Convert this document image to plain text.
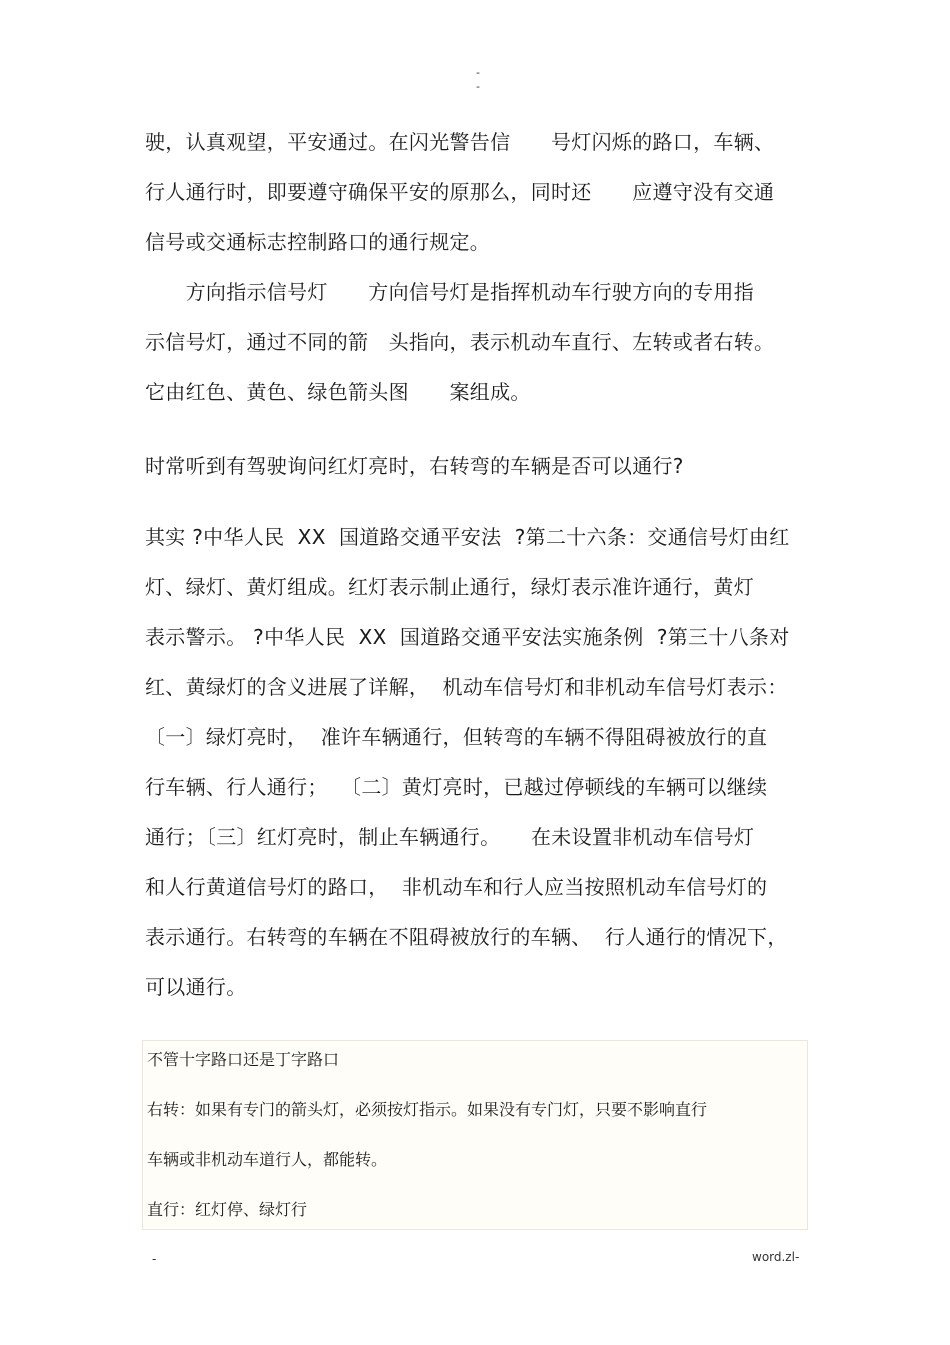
-
-
驶，认真观望，平安通过。在闪光警告信　　号灯闪烁的路口，车辆、
行人通行时，即要遵守确保平安的原那么，同时还　　应遵守没有交通
信号或交通标志控制路口的通行规定。
　　方向指示信号灯　　方向信号灯是指挥机动车行驶方向的专用指
示信号灯，通过不同的箭　头指向，表示机动车直行、左转或者右转。
它由红色、黄色、绿色箭头图　　案组成。
时常听到有驾驶询问红灯亮时，右转弯的车辆是否可以通行?
其实 ?中华人民  XX  国道路交通平安法  ?第二十六条：交通信号灯由红
灯、绿灯、黄灯组成。红灯表示制止通行，绿灯表示准许通行，黄灯
表示警示。 ?中华人民  XX  国道路交通平安法实施条例  ?第三十八条对
红、黄绿灯的含义进展了详解，  机动车信号灯和非机动车信号灯表示：
〔一〕绿灯亮时，  准许车辆通行，但转弯的车辆不得阻碍被放行的直
行车辆、行人通行；  〔二〕黄灯亮时，已越过停顿线的车辆可以继续
通行；〔三〕红灯亮时，制止车辆通行。　　在未设置非机动车信号灯
和人行黄道信号灯的路口，  非机动车和行人应当按照机动车信号灯的
表示通行。右转弯的车辆在不阻碍被放行的车辆、  行人通行的情况下，
可以通行。
不管十字路口还是丁字路口
右转：如果有专门的箭头灯，必须按灯指示。如果没有专门灯，只要不影响直行
车辆或非机动车道行人，都能转。
直行：红灯停、绿灯行
-	word.zl-
